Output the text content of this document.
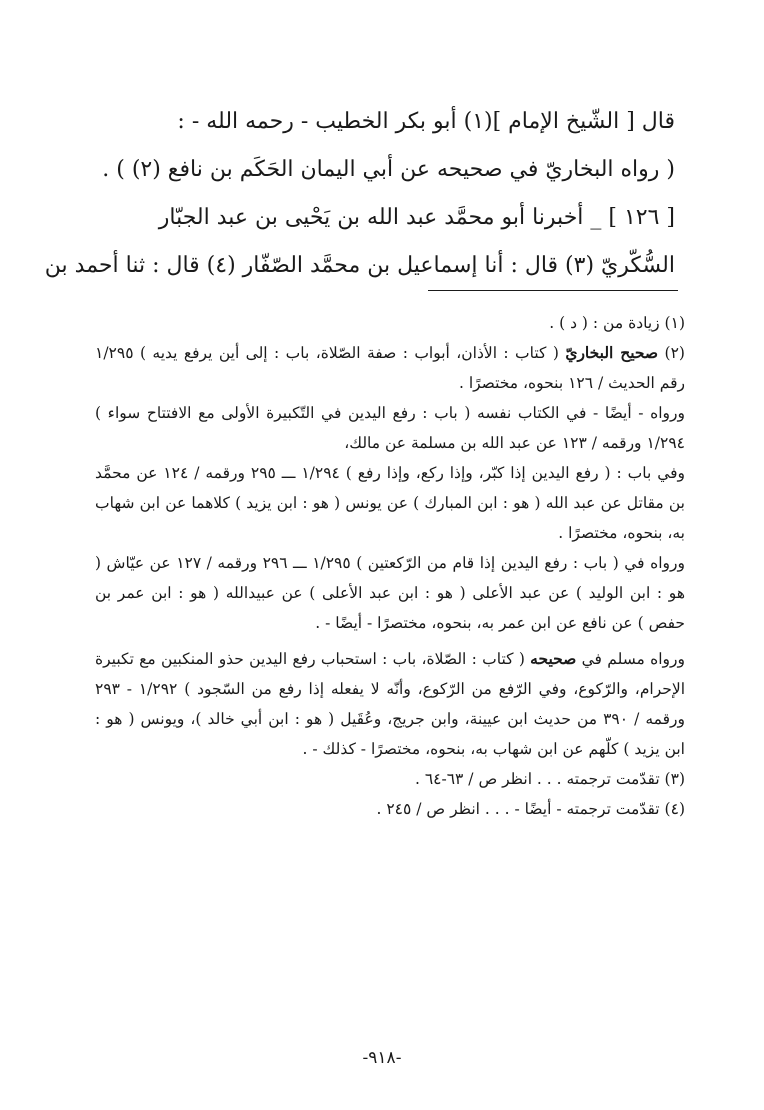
قال [ الشّيخ الإمام ](١) أبو بكر الخطيب - رحمه الله - :
( رواه البخاريّ في صحيحه عن أبي اليمان الحَكَم بن نافع (٢) ) .
[ ١٢٦ ] _ أخبرنا أبو محمَّد عبد الله بن يَحْيى بن عبد الجبّار
السُّكّريّ (٣) قال : أنا إسماعيل بن محمَّد الصّفّار (٤) قال : ثنا أحمد بن

(١) زيادة من : ( د ) .

(٢) صحيح البخاريّ ( كتاب : الأذان، أبواب : صفة الصّلاة، باب : إلى أين يرفع يديه ) ١/٢٩٥ رقم الحديث / ١٢٦ بنحوه، مختصرًا .

ورواه - أيضًا - في الكتاب نفسه ( باب : رفع اليدين في التّكبيرة الأولى مع الافتتاح سواء ) ١/٢٩٤ ورقمه / ١٢٣ عن عبد الله بن مسلمة عن مالك،

وفي باب : ( رفع اليدين إذا كبّر، وإذا ركع، وإذا رفع ) ١/٢٩٤ ـــ ٢٩٥ ورقمه / ١٢٤ عن محمَّد بن مقاتل عن عبد الله ( هو : ابن المبارك ) عن يونس ( هو : ابن يزيد ) كلاهما عن ابن شهاب به، بنحوه، مختصرًا .

ورواه في ( باب : رفع اليدين إذا قام من الرّكعتين ) ١/٢٩٥ ـــ ٢٩٦ ورقمه / ١٢٧ عن عيّاش ( هو : ابن الوليد ) عن عبد الأعلى ( هو : ابن عبد الأعلى ) عن عبيدالله ( هو : ابن عمر بن حفص ) عن نافع عن ابن عمر به، بنحوه، مختصرًا - أيضًا - .

ورواه مسلم في صحيحه ( كتاب : الصّلاة، باب : استحباب رفع اليدين حذو المنكبين مع تكبيرة الإحرام، والرّكوع، وفي الرّفع من الرّكوع، وأنّه لا يفعله إذا رفع من السّجود ) ١/٢٩٢ - ٢٩٣ ورقمه / ٣٩٠ من حديث ابن عيينة، وابن جريج، وعُقَيل ( هو : ابن أبي خالد )، ويونس ( هو : ابن يزيد ) كلّهم عن ابن شهاب به، بنحوه، مختصرًا - كذلك - .

(٣) تقدّمت ترجمته . . . انظر ص / ٦٣-٦٤ .

(٤) تقدّمت ترجمته - أيضًا - . . . انظر ص / ٢٤٥ .

-٩١٨-
